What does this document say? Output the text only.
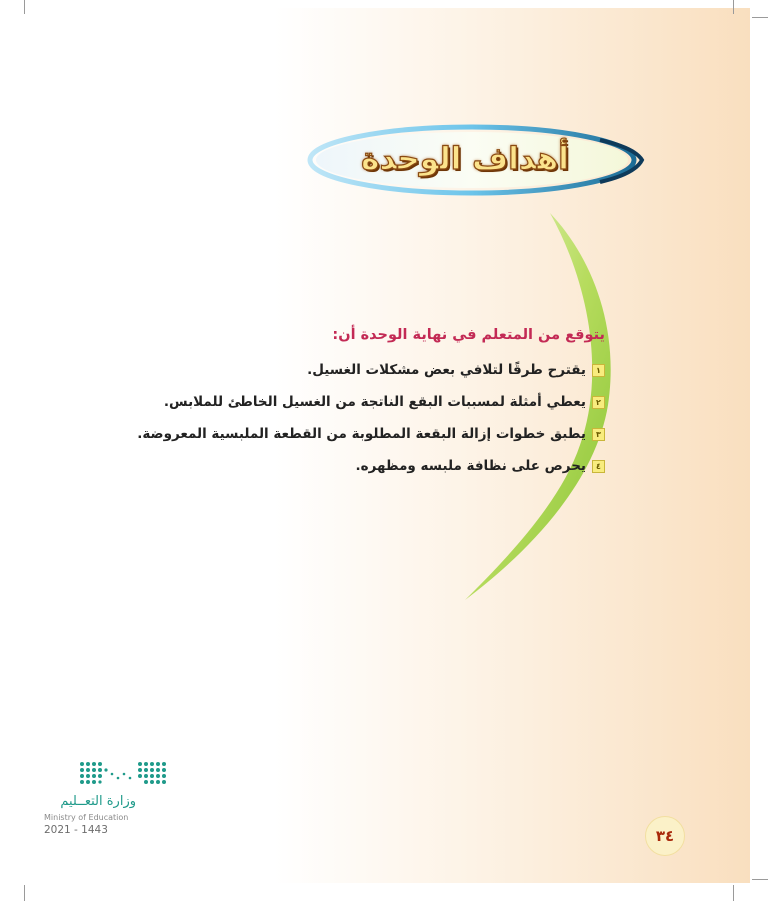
أهداف الوحدة
يتوقع من المتعلم في نهاية الوحدة أن:
١
يقترح طرقًا لتلافي بعض مشكلات الغسيل.
٢
يعطي أمثلة لمسببات البقع الناتجة من الغسيل الخاطئ للملابس.
٣
يطبق خطوات إزالة البقعة المطلوبة من القطعة الملبسية المعروضة.
٤
يحرص على نظافة ملبسه ومظهره.
وزارة التعــليم
Ministry of Education
2021 - 1443	٣٤
